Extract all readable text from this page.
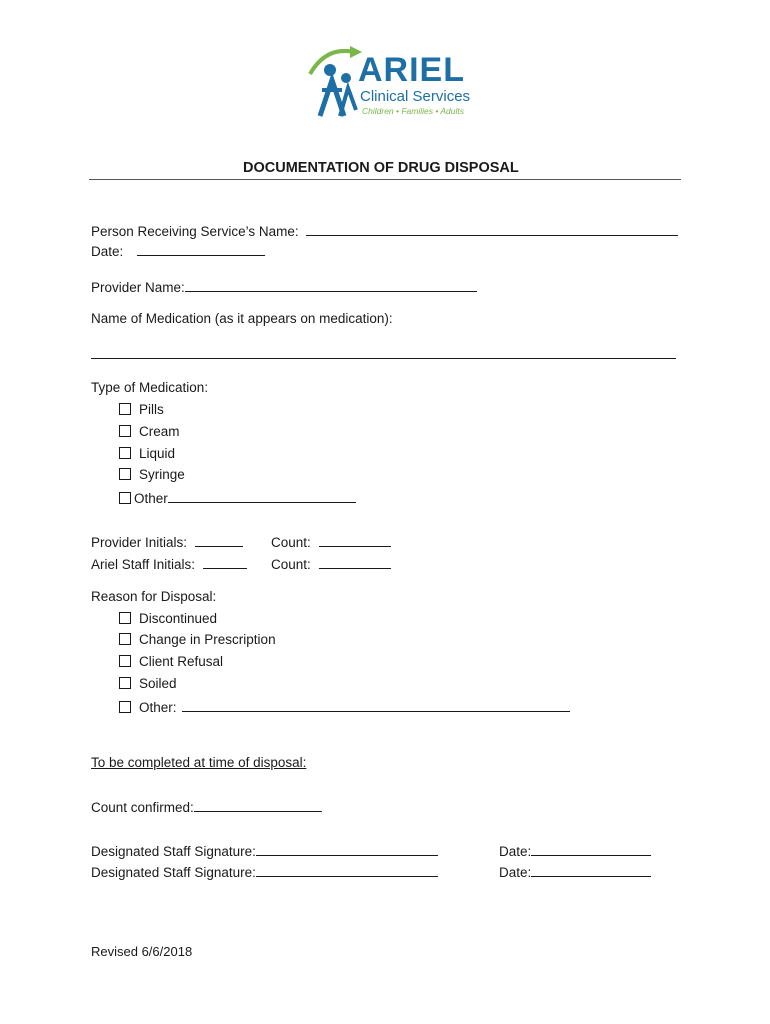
ARIEL
Clinical Services
Children • Families • Adults
DOCUMENTATION OF DRUG DISPOSAL
Person Receiving Service’s Name:
Date:
Provider Name:
Name of Medication (as it appears on medication):
Type of Medication:
Pills
Cream
Liquid
Syringe
Other
Provider Initials:	Count:
Ariel Staff Initials:	Count:
Reason for Disposal:
Discontinued
Change in Prescription
Client Refusal
Soiled
Other:
To be completed at time of disposal:
Count confirmed:
Designated Staff Signature:	Date:
Designated Staff Signature:	Date:
Revised 6/6/2018
